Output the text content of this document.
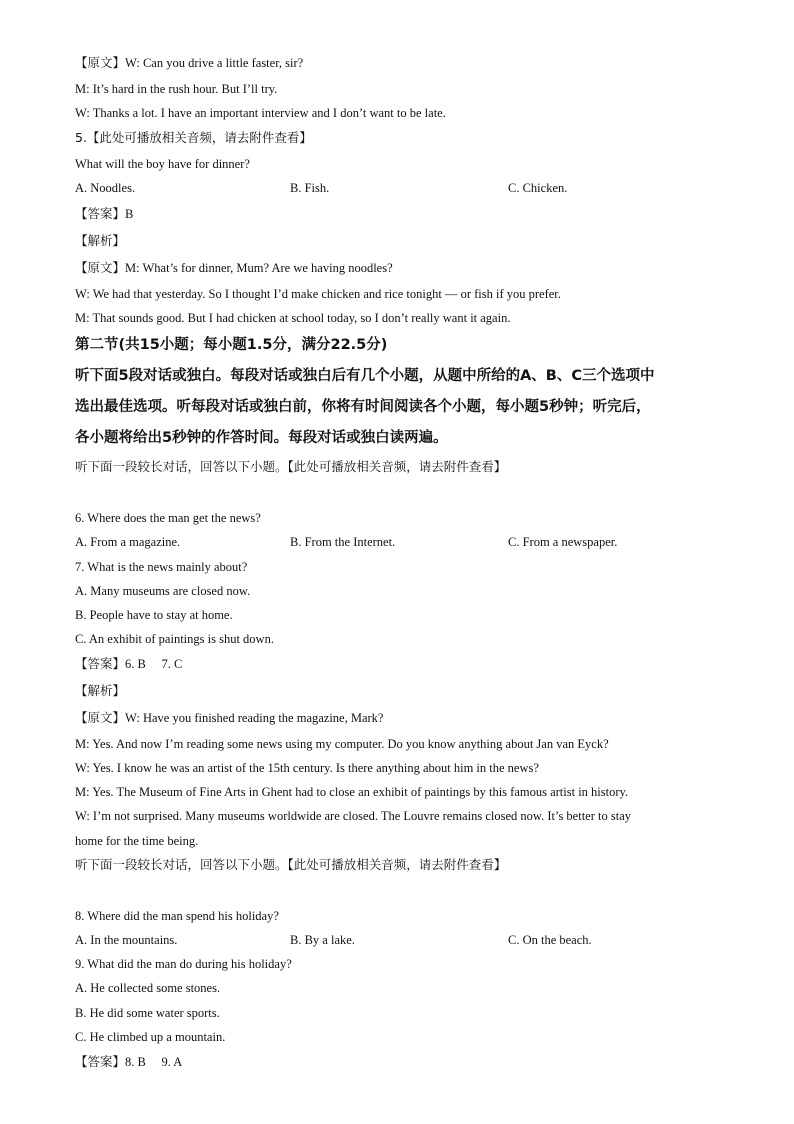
【原文】W: Can you drive a little faster, sir?
M: It’s hard in the rush hour. But I’ll try.
W: Thanks a lot. I have an important interview and I don’t want to be late.
5.【此处可播放相关音频，请去附件查看】
What will the boy have for dinner?
A. Noodles.	B. Fish.	C. Chicken.
【答案】B
【解析】
【原文】M: What’s for dinner, Mum? Are we having noodles?
W: We had that yesterday. So I thought I’d make chicken and rice tonight — or fish if you prefer.
M: That sounds good. But I had chicken at school today, so I don’t really want it again.
第二节(共15小题；每小题1.5分，满分22.5分)
听下面5段对话或独白。每段对话或独白后有几个小题，从题中所给的A、B、C三个选项中
选出最佳选项。听每段对话或独白前，你将有时间阅读各个小题，每小题5秒钟；听完后，
各小题将给出5秒钟的作答时间。每段对话或独白读两遍。
听下面一段较长对话，回答以下小题。【此处可播放相关音频，请去附件查看】
6. Where does the man get the news?
A. From a magazine.	B. From the Internet.	C. From a newspaper.
7. What is the news mainly about?
A. Many museums are closed now.
B. People have to stay at home.
C. An exhibit of paintings is shut down.
【答案】6. B     7. C
【解析】
【原文】W: Have you finished reading the magazine, Mark?
M: Yes. And now I’m reading some news using my computer. Do you know anything about Jan van Eyck?
W: Yes. I know he was an artist of the 15th century. Is there anything about him in the news?
M: Yes. The Museum of Fine Arts in Ghent had to close an exhibit of paintings by this famous artist in history.
W: I’m not surprised. Many museums worldwide are closed. The Louvre remains closed now. It’s better to stay
home for the time being.
听下面一段较长对话，回答以下小题。【此处可播放相关音频，请去附件查看】
8. Where did the man spend his holiday?
A. In the mountains.	B. By a lake.	C. On the beach.
9. What did the man do during his holiday?
A. He collected some stones.
B. He did some water sports.
C. He climbed up a mountain.
【答案】8. B     9. A
